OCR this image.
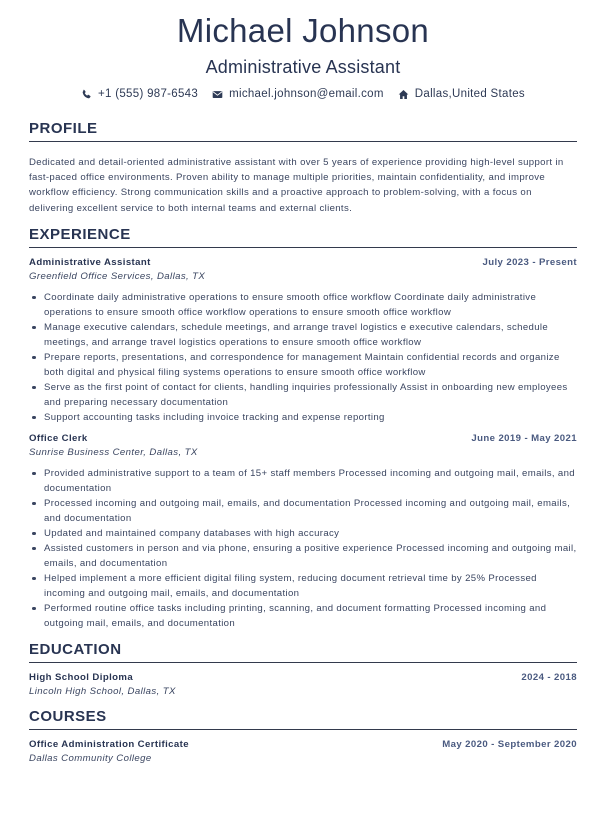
Michael Johnson
Administrative Assistant
+1 (555) 987-6543	michael.johnson@email.com	Dallas,United States
PROFILE
Dedicated and detail-oriented administrative assistant with over 5 years of experience providing high-level support in fast-paced office environments. Proven ability to manage multiple priorities, maintain confidentiality, and improve workflow efficiency. Strong communication skills and a proactive approach to problem-solving, with a focus on delivering excellent service to both internal teams and external clients.
EXPERIENCE
Administrative Assistant	July 2023 - Present
Greenfield Office Services, Dallas, TX
Coordinate daily administrative operations to ensure smooth office workflow Coordinate daily administrative operations to ensure smooth office workflow operations to ensure smooth office workflow
Manage executive calendars, schedule meetings, and arrange travel logistics e executive calendars, schedule meetings, and arrange travel logistics operations to ensure smooth office workflow
Prepare reports, presentations, and correspondence for management Maintain confidential records and organize both digital and physical filing systems operations to ensure smooth office workflow
Serve as the first point of contact for clients, handling inquiries professionally Assist in onboarding new employees and preparing necessary documentation
Support accounting tasks including invoice tracking and expense reporting
Office Clerk	June 2019 - May 2021
Sunrise Business Center, Dallas, TX
Provided administrative support to a team of 15+ staff members Processed incoming and outgoing mail, emails, and documentation
Processed incoming and outgoing mail, emails, and documentation Processed incoming and outgoing mail, emails, and documentation
Updated and maintained company databases with high accuracy
Assisted customers in person and via phone, ensuring a positive experience Processed incoming and outgoing mail, emails, and documentation
Helped implement a more efficient digital filing system, reducing document retrieval time by 25% Processed incoming and outgoing mail, emails, and documentation
Performed routine office tasks including printing, scanning, and document formatting Processed incoming and outgoing mail, emails, and documentation
EDUCATION
High School Diploma	2024 - 2018
Lincoln High School, Dallas, TX
COURSES
Office Administration Certificate	May 2020 - September 2020
Dallas Community College
